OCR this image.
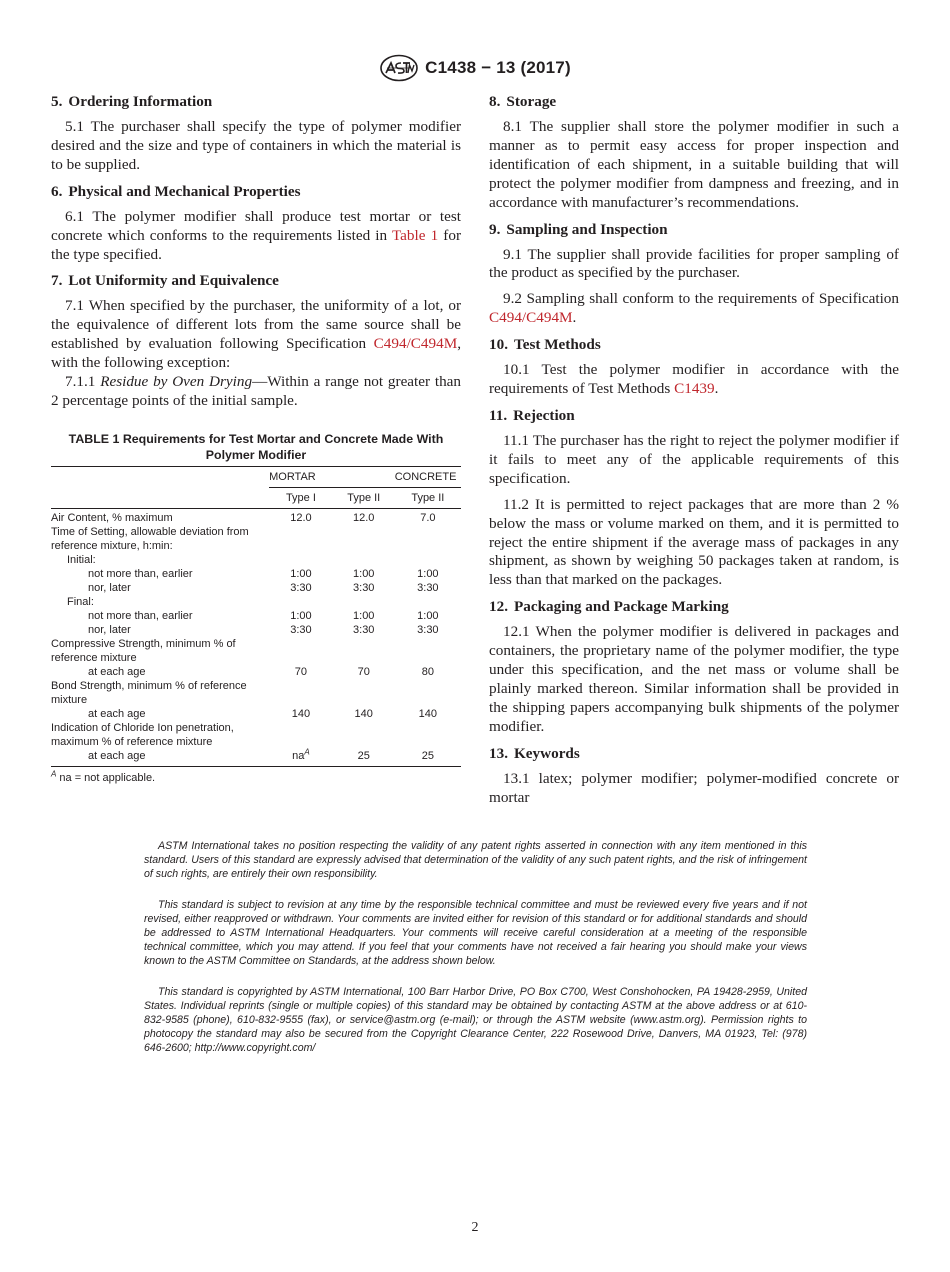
C1438 − 13 (2017)
5. Ordering Information

5.1 The purchaser shall specify the type of polymer modifier desired and the size and type of containers in which the material is to be supplied.

6. Physical and Mechanical Properties

6.1 The polymer modifier shall produce test mortar or test concrete which conforms to the requirements listed in Table 1 for the type specified.

7. Lot Uniformity and Equivalence

7.1 When specified by the purchaser, the uniformity of a lot, or the equivalence of different lots from the same source shall be established by evaluation following Specification C494/C494M, with the following exception:

7.1.1 Residue by Oven Drying—Within a range not greater than 2 percentage points of the initial sample.

TABLE 1 Requirements for Test Mortar and Concrete Made With Polymer Modifier
	MORTAR		CONCRETE
	Type I	Type II	Type II
Air Content, % maximum	12.0	12.0	7.0
Time of Setting, allowable deviation from reference mixture, h:min:			
Initial:			
not more than, earlier	1:00	1:00	1:00
nor, later	3:30	3:30	3:30
Final:			
not more than, earlier	1:00	1:00	1:00
nor, later	3:30	3:30	3:30
Compressive Strength, minimum % of reference mixture			
at each age	70	70	80
Bond Strength, minimum % of reference mixture			
at each age	140	140	140
Indication of Chloride Ion penetration, maximum % of reference mixture			
at each age	$na^A$	25	25
$^A$ na = not applicable.
8. Storage

8.1 The supplier shall store the polymer modifier in such a manner as to permit easy access for proper inspection and identification of each shipment, in a suitable building that will protect the polymer modifier from dampness and freezing, and in accordance with manufacturer’s recommendations.

9. Sampling and Inspection

9.1 The supplier shall provide facilities for proper sampling of the product as specified by the purchaser.

9.2 Sampling shall conform to the requirements of Specification C494/C494M.

10. Test Methods

10.1 Test the polymer modifier in accordance with the requirements of Test Methods C1439.

11. Rejection

11.1 The purchaser has the right to reject the polymer modifier if it fails to meet any of the applicable requirements of this specification.

11.2 It is permitted to reject packages that are more than 2 % below the mass or volume marked on them, and it is permitted to reject the entire shipment if the average mass of packages in any shipment, as shown by weighing 50 packages taken at random, is less than that marked on the packages.

12. Packaging and Package Marking

12.1 When the polymer modifier is delivered in packages and containers, the proprietary name of the polymer modifier, the type under this specification, and the net mass or volume shall be plainly marked thereon. Similar information shall be provided in the shipping papers accompanying bulk shipments of the polymer modifier.

13. Keywords

13.1 latex; polymer modifier; polymer-modified concrete or mortar

ASTM International takes no position respecting the validity of any patent rights asserted in connection with any item mentioned in this standard. Users of this standard are expressly advised that determination of the validity of any such patent rights, and the risk of infringement of such rights, are entirely their own responsibility.

This standard is subject to revision at any time by the responsible technical committee and must be reviewed every five years and if not revised, either reapproved or withdrawn. Your comments are invited either for revision of this standard or for additional standards and should be addressed to ASTM International Headquarters. Your comments will receive careful consideration at a meeting of the responsible technical committee, which you may attend. If you feel that your comments have not received a fair hearing you should make your views known to the ASTM Committee on Standards, at the address shown below.

This standard is copyrighted by ASTM International, 100 Barr Harbor Drive, PO Box C700, West Conshohocken, PA 19428-2959, United States. Individual reprints (single or multiple copies) of this standard may be obtained by contacting ASTM at the above address or at 610-832-9585 (phone), 610-832-9555 (fax), or service@astm.org (e-mail); or through the ASTM website (www.astm.org). Permission rights to photocopy the standard may also be secured from the Copyright Clearance Center, 222 Rosewood Drive, Danvers, MA 01923, Tel: (978) 646-2600; http://www.copyright.com/

2
